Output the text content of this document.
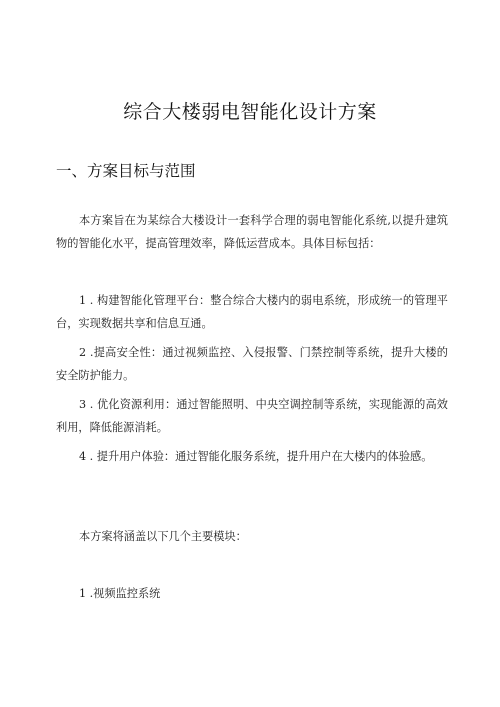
综合大楼弱电智能化设计方案
一、方案目标与范围

本方案旨在为某综合大楼设计一套科学合理的弱电智能化系统,以提升建筑物的智能化水平，提高管理效率，降低运营成本。具体目标包括：

1 . 构建智能化管理平台：整合综合大楼内的弱电系统，形成统一的管理平台，实现数据共享和信息互通。

2 .提高安全性：通过视频监控、入侵报警、门禁控制等系统，提升大楼的安全防护能力。

3 . 优化资源利用：通过智能照明、中央空调控制等系统，实现能源的高效利用，降低能源消耗。

4 . 提升用户体验：通过智能化服务系统，提升用户在大楼内的体验感。

本方案将涵盖以下几个主要模块：

1 .视频监控系统
